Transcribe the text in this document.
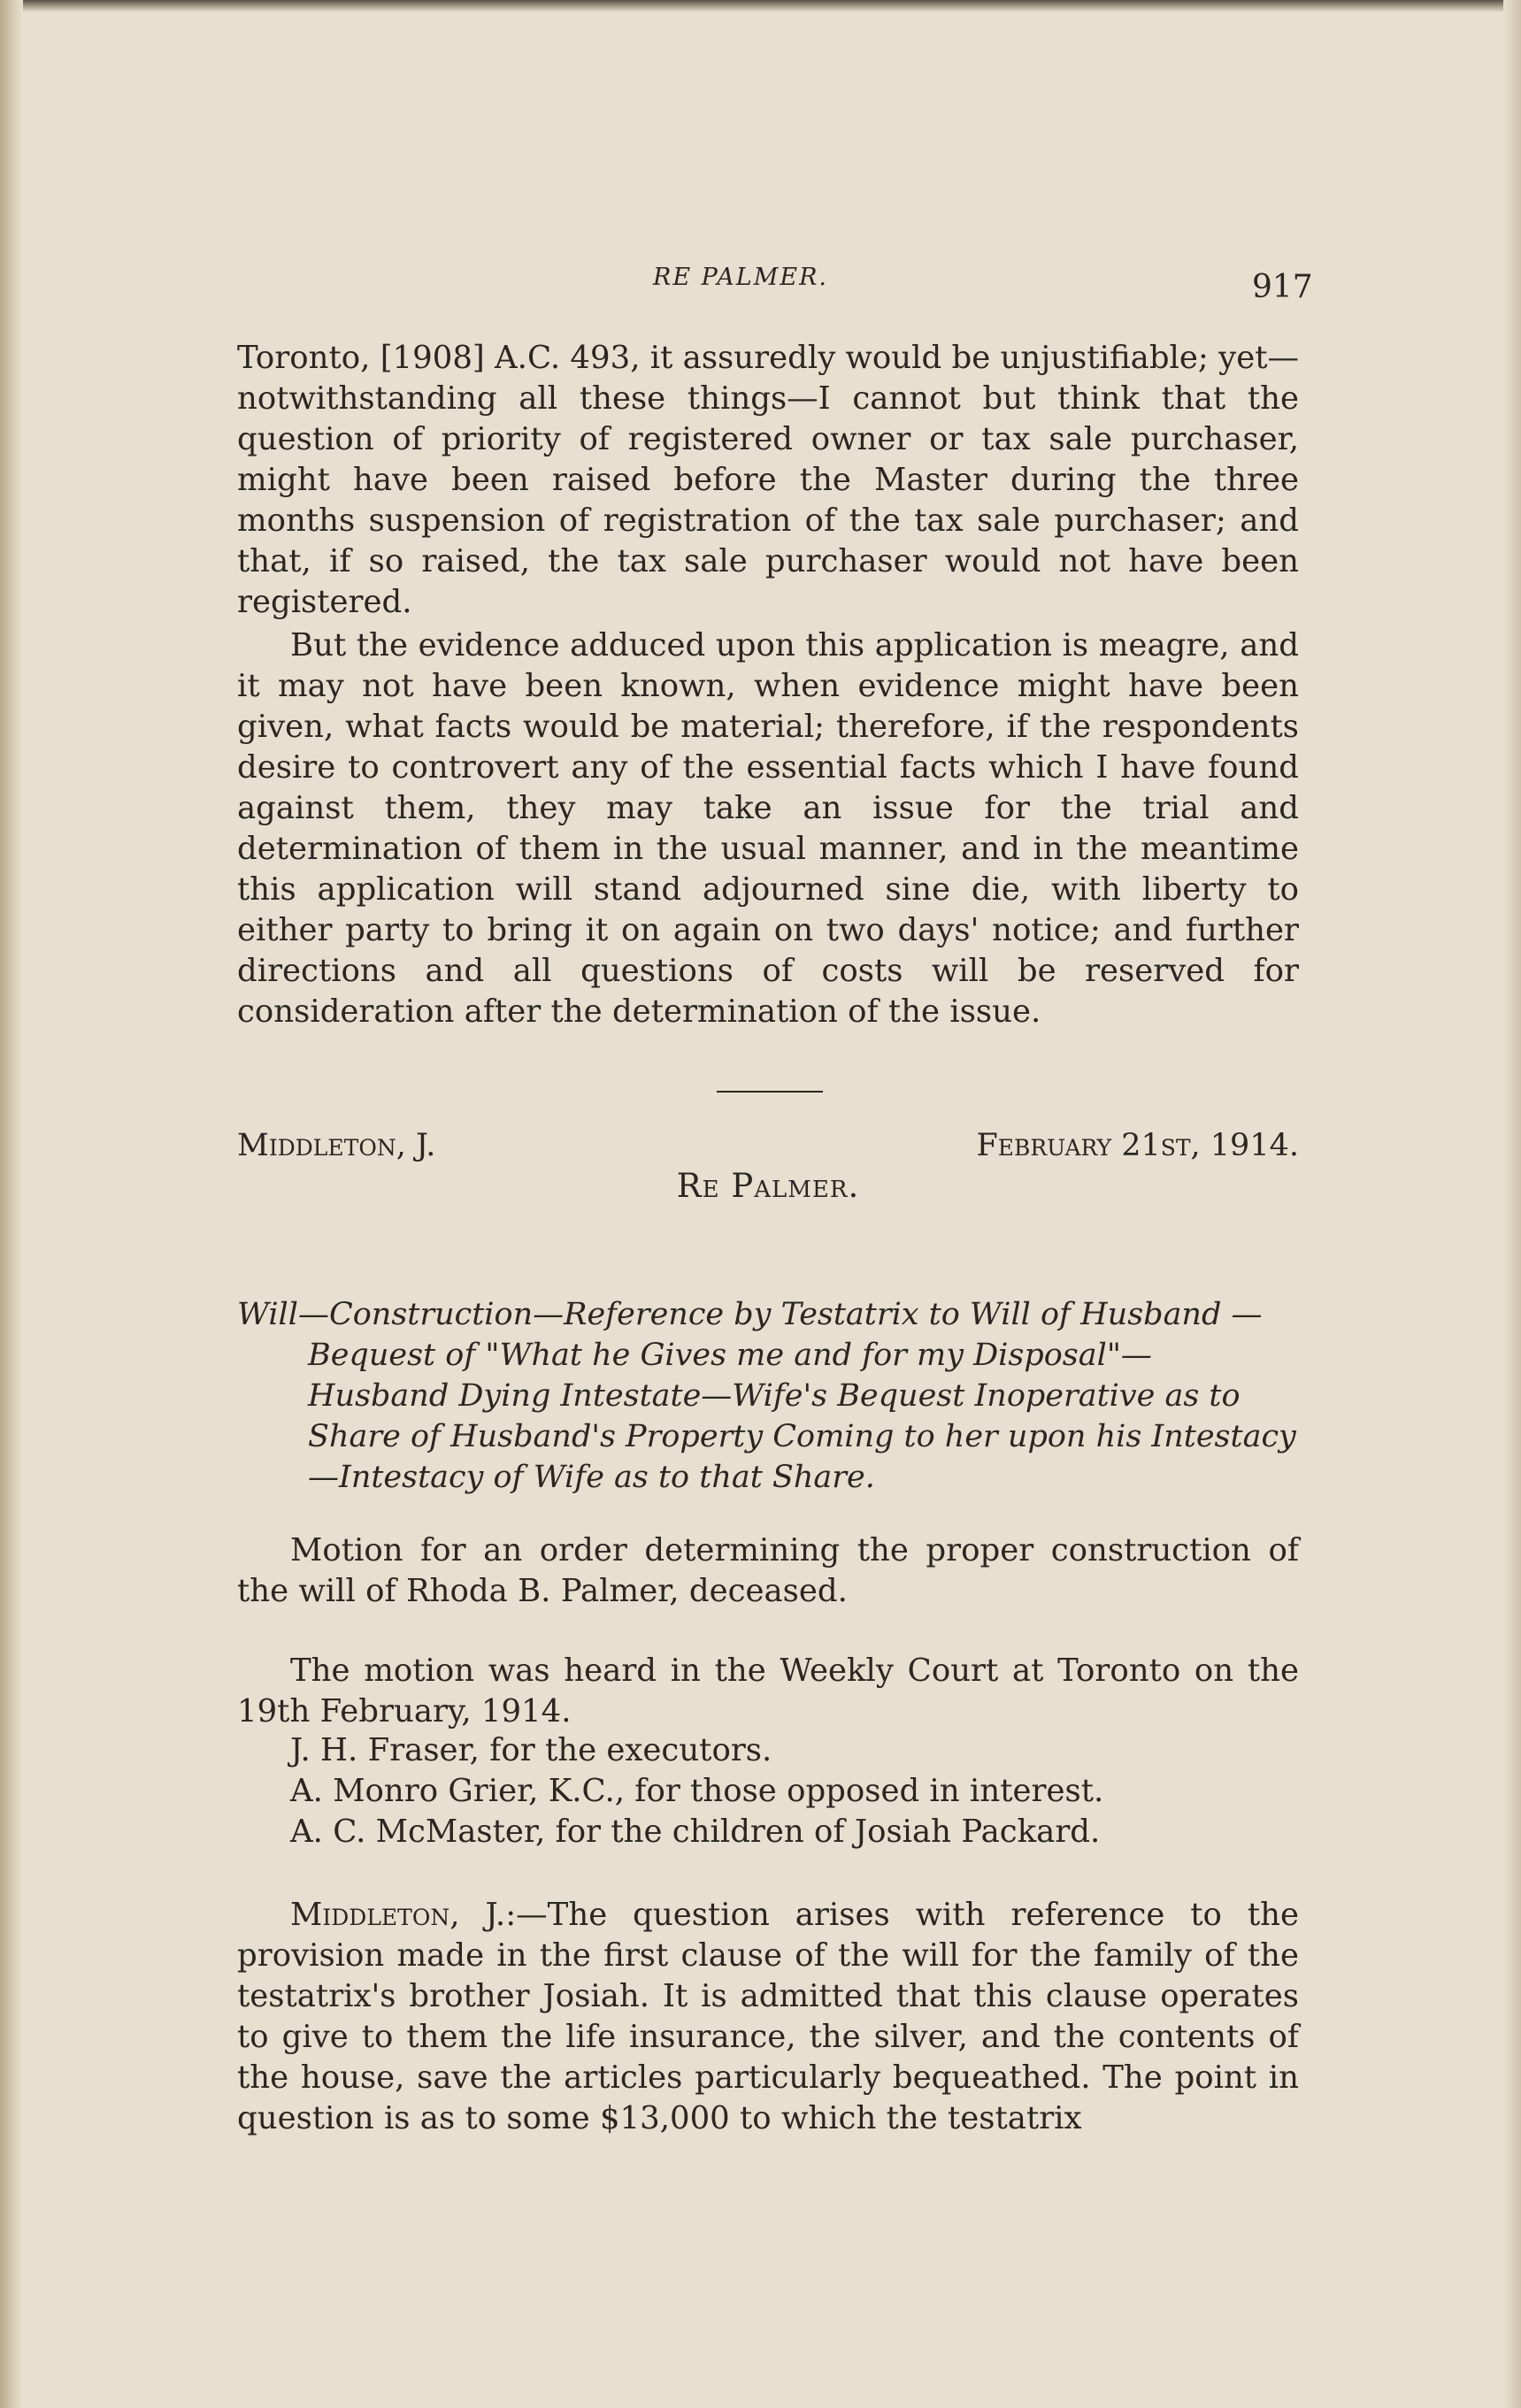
RE PALMER.	917

Toronto, [1908] A.C. 493, it assuredly would be unjustifiable; yet—notwithstanding all these things—I cannot but think that the question of priority of registered owner or tax sale purchaser, might have been raised before the Master during the three months suspension of registration of the tax sale purchaser; and that, if so raised, the tax sale purchaser would not have been registered.

But the evidence adduced upon this application is meagre, and it may not have been known, when evidence might have been given, what facts would be material; therefore, if the respondents desire to controvert any of the essential facts which I have found against them, they may take an issue for the trial and determination of them in the usual manner, and in the meantime this application will stand adjourned sine die, with liberty to either party to bring it on again on two days' notice; and further directions and all questions of costs will be reserved for consideration after the determination of the issue.

Middleton, J.	February 21st, 1914.
Re Palmer.
Will—Construction—Reference by Testatrix to Will of Husband —Bequest of "What he Gives me and for my Disposal"— Husband Dying Intestate—Wife's Bequest Inoperative as to Share of Husband's Property Coming to her upon his Intestacy—Intestacy of Wife as to that Share.

Motion for an order determining the proper construction of the will of Rhoda B. Palmer, deceased.

The motion was heard in the Weekly Court at Toronto on the 19th February, 1914.

J. H. Fraser, for the executors.
A. Monro Grier, K.C., for those opposed in interest.
A. C. McMaster, for the children of Josiah Packard.

Middleton, J.:—The question arises with reference to the provision made in the first clause of the will for the family of the testatrix's brother Josiah. It is admitted that this clause operates to give to them the life insurance, the silver, and the contents of the house, save the articles particularly bequeathed. The point in question is as to some $13,000 to which the testatrix
